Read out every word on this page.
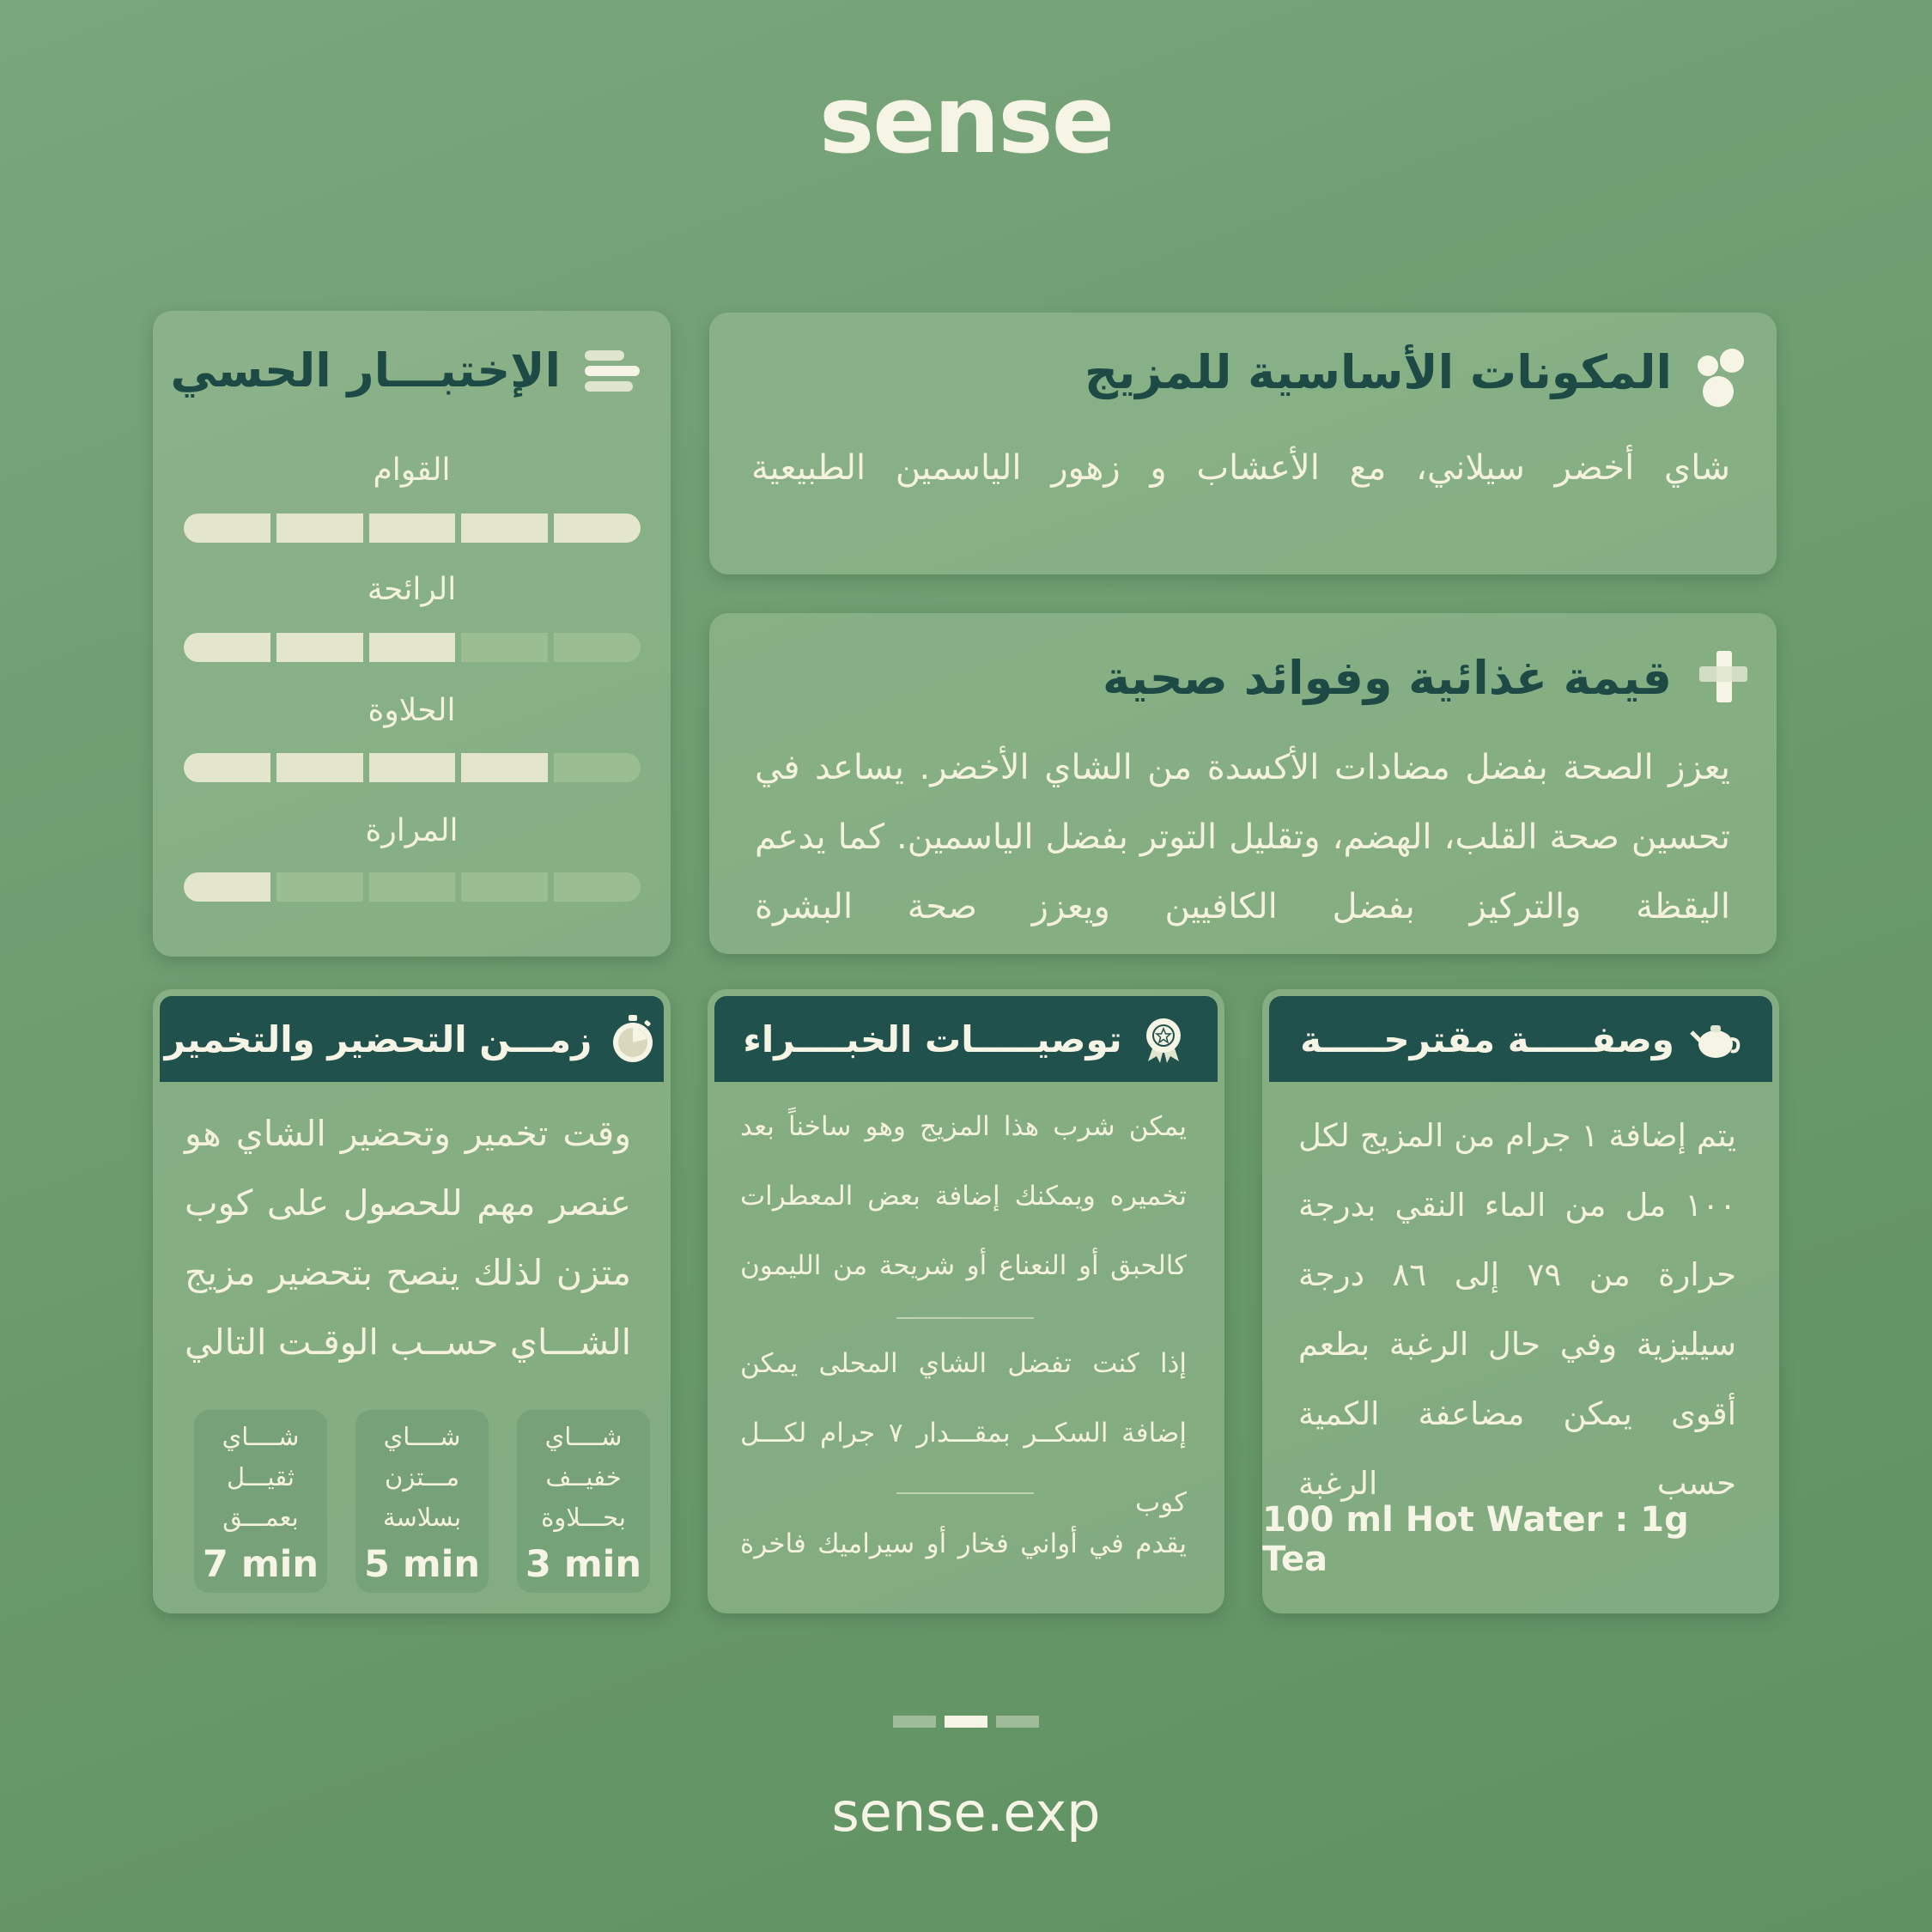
sense
المكونات الأساسية للمزيج
شاي أخضر سيلاني، مع الأعشاب و زهور الياسمين الطبيعية
قيمة غذائية وفوائد صحية
يعزز الصحة بفضل مضادات الأكسدة من الشاي الأخضر. يساعد في تحسين صحة القلب، الهضم، وتقليل التوتر بفضل الياسمين. كما يدعم اليقظة والتركيز بفضل الكافيين ويعزز صحة البشرة
الإختبـــار الحسي
القوام
الرائحة
الحلاوة
المرارة
وصفـــــة مقترحـــــة
يتم إضافة ١ جرام من المزيج لكل ١٠٠ مل من الماء النقي بدرجة حرارة من ٧٩ إلى ٨٦ درجة سيليزية وفي حال الرغبة بطعم أقوى يمكن مضاعفة الكمية حسب الرغبة
100 ml Hot Water : 1g Tea
توصيـــــات الخبــــراء
يمكن شرب هذا المزيج وهو ساخناً بعد تخميره ويمكنك إضافة بعض المعطرات كالحبق أو النعناع أو شريحة من الليمون
إذا كنت تفضل الشاي المحلى يمكن إضافة السكــر بمقـــدار ٧ جرام لكـــل كوب
يقدم في أواني فخار أو سيراميك فاخرة
زمـــن التحضير والتخمير
وقت تخمير وتحضير الشاي هو عنصر مهم للحصول على كوب متزن لذلك ينصح بتحضير مزيج الشـــاي حســب الوقـت التالي
شــــاي خفيــف بحـــلاوة
3 min
شــــاي مـــتزن بسلاسة
5 min
شــــاي ثقيـــل بعمـــق
7 min
sense.exp
